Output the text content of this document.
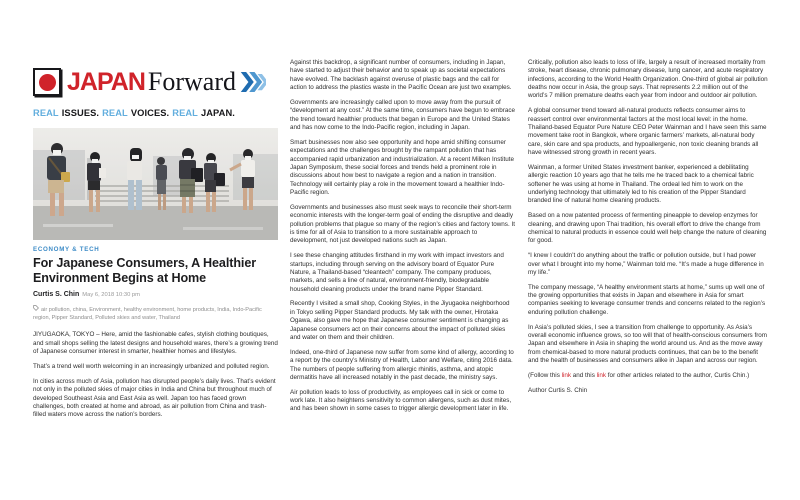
JAPAN Forward
REAL ISSUES. REAL VOICES. REAL JAPAN.
ECONOMY & TECH
For Japanese Consumers, A Healthier Environment Begins at Home
Curtis S. Chin May 6, 2018 10:30 pm
air pollution, china, Environment, healthy environment, home products, India, Indo-Pacific region, Pipper Standard, Polluted skies and water, Thailand

JIYUGAOKA, TOKYO – Here, amid the fashionable cafes, stylish clothing boutiques, and small shops selling the latest designs and household wares, there’s a growing trend of Japanese consumer interest in smarter, healthier homes and lifestyles.

That’s a trend well worth welcoming in an increasingly urbanized and polluted region.

In cities across much of Asia, pollution has disrupted people’s daily lives. That’s evident not only in the polluted skies of major cities in India and China but throughout much of developed Southeast Asia and East Asia as well. Japan too has faced grown challenges, both created at home and abroad, as air pollution from China and trash-filled waters move across the nation’s borders.

Against this backdrop, a significant number of consumers, including in Japan, have started to adjust their behavior and to speak up as societal expectations have evolved. The backlash against overuse of plastic bags and the call for action to address the plastics waste in the Pacific Ocean are just two examples.

Governments are increasingly called upon to move away from the pursuit of “development at any cost.” At the same time, consumers have begun to embrace the trend toward healthier products that began in Europe and the United States and has now come to the Indo-Pacific region, including in Japan.

Smart businesses now also see opportunity and hope amid shifting consumer expectations and the challenges brought by the rampant pollution that has accompanied rapid urbanization and industrialization. At a recent Milken Institute Japan Symposium, these social forces and trends held a prominent role in discussions about how best to navigate a region and a nation in transition. Technology will certainly play a role in the movement toward a healthier Indo-Pacific region.

Governments and businesses also must seek ways to reconcile their short-term economic interests with the longer-term goal of ending the disruptive and deadly pollution problems that plague so many of the region’s cities and factory towns. It is time for all of Asia to transition to a more sustainable approach to development, not just developed nations such as Japan.

I see these changing attitudes firsthand in my work with impact investors and startups, including through serving on the advisory board of Equator Pure Nature, a Thailand-based “cleantech” company. The company produces, markets, and sells a line of natural, environment-friendly, biodegradable household cleaning products under the brand name Pipper Standard.

Recently I visited a small shop, Cooking Styles, in the Jiyugaoka neighborhood in Tokyo selling Pipper Standard products. My talk with the owner, Hirotaka Ogawa, also gave me hope that Japanese consumer sentiment is changing as Japanese consumers act on their concerns about the impact of polluted skies and water on them and their children.

Indeed, one-third of Japanese now suffer from some kind of allergy, according to a report by the country’s Ministry of Health, Labor and Welfare, citing 2016 data. The numbers of people suffering from allergic rhinitis, asthma, and atopic dermatitis have all increased notably in the past decade, the ministry says.

Air pollution leads to loss of productivity, as employees call in sick or come to work late. It also heightens sensitivity to common allergens, such as dust mites, and has been shown in some cases to trigger allergic development later in life.

Critically, pollution also leads to loss of life, largely a result of increased mortality from stroke, heart disease, chronic pulmonary disease, lung cancer, and acute respiratory infections, according to the World Health Organization. One-third of global air pollution deaths now occur in Asia, the group says. That represents 2.2 million out of the world’s 7 million premature deaths each year from indoor and outdoor air pollution.

A global consumer trend toward all-natural products reflects consumer aims to reassert control over environmental factors at the most local level: in the home. Thailand-based Equator Pure Nature CEO Peter Wainman and I have seen this same movement take root in Bangkok, where organic farmers’ markets, all-natural body care, skin care and spa products, and hypoallergenic, non toxic cleaning brands all have witnessed strong growth in recent years.

Wainman, a former United States investment banker, experienced a debilitating allergic reaction 10 years ago that he tells me he traced back to a chemical fabric softener he was using at home in Thailand. The ordeal led him to work on the underlying technology that ultimately led to his creation of the Pipper Standard branded line of natural home cleaning products.

Based on a now patented process of fermenting pineapple to develop enzymes for cleaning, and drawing upon Thai tradition, his overall effort to drive the change from chemical to natural products in essence could well help change the nature of cleaning for good.

“I knew I couldn’t do anything about the traffic or pollution outside, but I had power over what I brought into my home,” Wainman told me. “It’s made a huge difference in my life.”

The company message, “A healthy environment starts at home,” sums up well one of the growing opportunities that exists in Japan and elsewhere in Asia for smart companies seeking to leverage consumer trends and concerns related to the region’s enduring pollution challenge.

In Asia’s polluted skies, I see a transition from challenge to opportunity. As Asia’s overall economic influence grows, so too will that of health-conscious consumers from Japan and elsewhere in Asia in shaping the world around us. And as the move away from chemical-based to more natural products continues, that can be to the benefit and the health of businesses and consumers alike in Japan and across our region.

(Follow this link and this link for other articles related to the author, Curtis Chin.)

Author Curtis S. Chin
